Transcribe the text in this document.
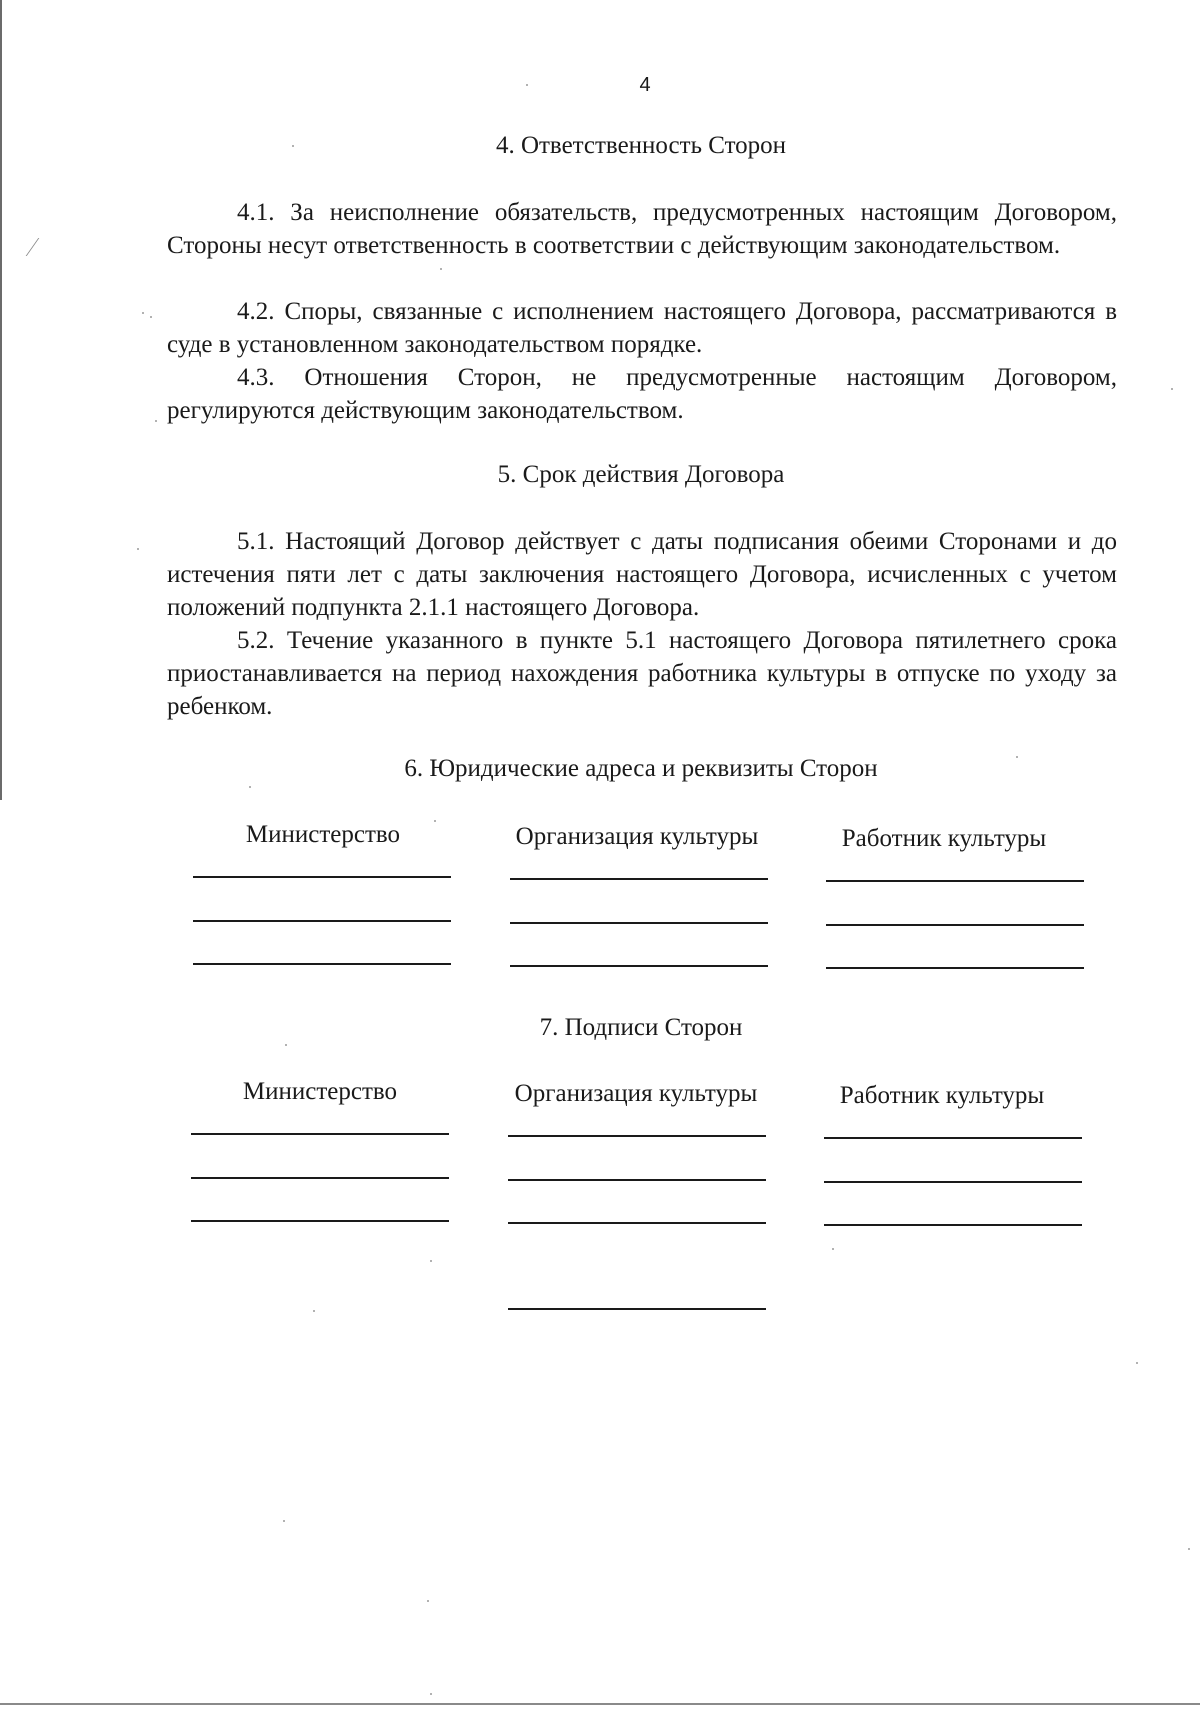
4
4. Ответственность Сторон

4.1. За неисполнение обязательств, предусмотренных настоящим Договором, Стороны несут ответственность в соответствии с действующим законодательством.

4.2. Споры, связанные с исполнением настоящего Договора, рассматриваются в суде в установленном законодательством порядке.

4.3. Отношения Сторон, не предусмотренные настоящим Договором, регулируются действующим законодательством.

5. Срок действия Договора

5.1. Настоящий Договор действует с даты подписания обеими Сторонами и до истечения пяти лет с даты заключения настоящего Договора, исчисленных с учетом положений подпункта 2.1.1 настоящего Договора.

5.2. Течение указанного в пункте 5.1 настоящего Договора пятилетнего срока приостанавливается на период нахождения работника культуры в отпуске по уходу за ребенком.

6. Юридические адреса и реквизиты Сторон
Министерство	Организация культуры	Работник культуры
7. Подписи Сторон
Министерство	Организация культуры	Работник культуры
